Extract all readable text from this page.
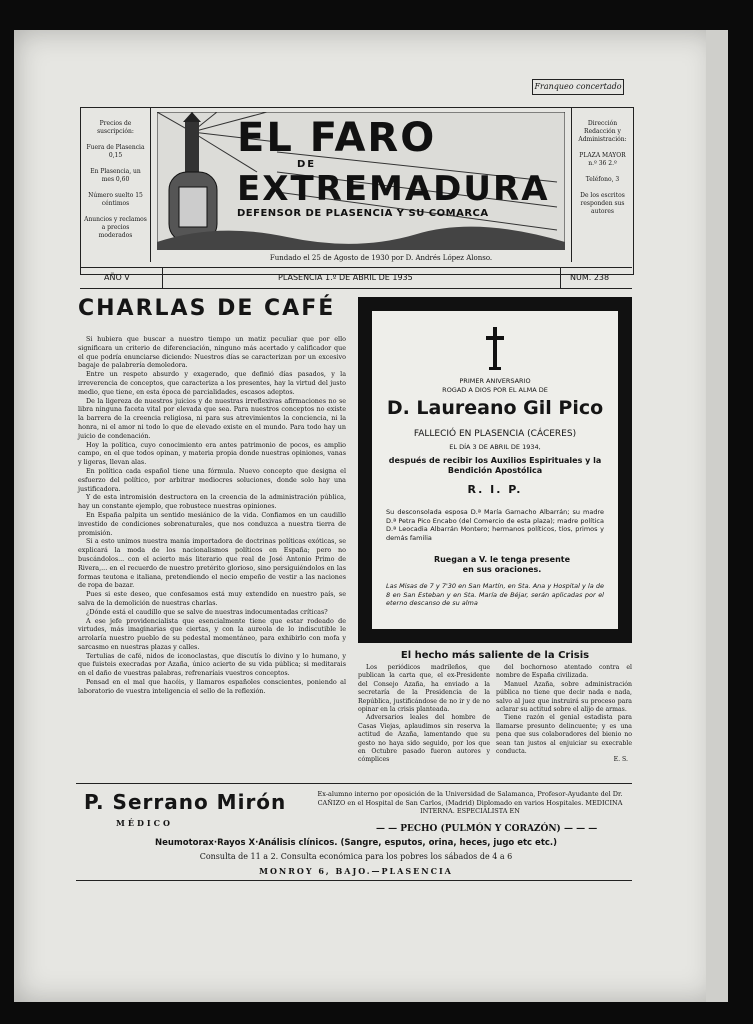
Franqueo concertado

Precios de suscripción:

Fuera de Plasencia 0,15

En Plasencia, un mes 0,60

Número suelto 15 céntimos

Anuncios y reclamos a precios moderados

EL FARO
DE
EXTREMADURA
DEFENSOR DE PLASENCIA Y SU COMARCA

Dirección Redacción y Administración:

PLAZA MAYOR n.º 36 2.º

Teléfono, 3

De los escritos responden sus autores

Fundado el 25 de Agosto de 1930 por D. Andrés López Alonso.
AÑO V	PLASENCIA 1.º DE ABRIL DE 1935	NUM. 238
CHARLAS DE CAFÉ

Si hubiera que buscar a nuestro tiempo un matiz peculiar que por ello significara un criterio de diferenciación, ninguno más acertado y calificador que el que podría enunciarse diciendo: Nuestros días se caracterizan por un excesivo bagaje de palabrería demoledora.

Entre un respeto absurdo y exagerado, que definió días pasados, y la irreverencia de conceptos, que caracteriza a los presentes, hay la virtud del justo medio, que tiene, en esta época de parcialidades, escasos adeptos.

De la ligereza de nuestros juicios y de nuestras irreflexivas afirmaciones no se libra ninguna faceta vital por elevada que sea. Para nuestros conceptos no existe la barrera de la creencia religiosa, ni para sus atrevimientos la conciencia, ni la honra, ni el amor ni todo lo que de elevado existe en el mundo. Para todo hay un juicio de condenación.

Hoy la política, cuyo conocimiento era antes patrimonio de pocos, es amplio campo, en el que todos opinan, y materia propia donde nuestras opiniones, vanas y ligeras, llevan alas.

En política cada español tiene una fórmula. Nuevo concepto que designa el esfuerzo del político, por arbitrar mediocres soluciones, donde solo hay una justificadora.

Y de esta intromisión destructora en la creencia de la administración pública, hay un constante ejemplo, que robustece nuestras opiniones.

En España palpita un sentido mesiánico de la vida. Confiamos en un caudillo investido de condiciones sobrenaturales, que nos conduzca a nuestra tierra de promisión.

Si a esto unimos nuestra manía importadora de doctrinas políticas exóticas, se explicará la moda de los nacionalismos políticos en España; pero no buscándolos... con el acierto más literario que real de José Antonio Primo de Rivera,... en el recuerdo de nuestro pretérito glorioso, sino persiguiéndolos en las formas teutona e italiana, pretendiendo el necio empeño de vestir a las naciones de ropa de bazar.

Pues si este deseo, que confesamos está muy extendido en nuestro país, se salva de la demolición de nuestras charlas.

¿Dónde está el caudillo que se salve de nuestras indocumentadas críticas?

A ese jefe providencialista que esencialmente tiene que estar rodeado de virtudes, más imaginarias que ciertas, y con la aureola de lo indiscutible le arrolaría nuestro pueblo de su pedestal momentáneo, para exhibirlo con mofa y sarcasmo en nuestras plazas y calles.

Tertulias de café, nidos de iconoclastas, que discutís lo divino y lo humano, y que fuisteis execradas por Azaña, único acierto de su vida pública; si meditarais en el daño de vuestras palabras, refrenaríais vuestros conceptos.

Pensad en el mal que hacéis, y llamaros españoles conscientes, poniendo al laboratorio de vuestra inteligencia el sello de la reflexión.

PRIMER ANIVERSARIO
ROGAD A DIOS POR EL ALMA DE
D. Laureano Gil Pico
FALLECIÓ EN PLASENCIA (CÁCERES)
EL DÍA 3 DE ABRIL DE 1934,
después de recibir los Auxilios Espirituales y la Bendición Apostólica
R. I. P.
Su desconsolada esposa D.ª María Garnacho Albarrán; su madre D.ª Petra Pico Encabo (del Comercio de esta plaza); madre política D.ª Leocadia Albarrán Montero; hermanos políticos, tíos, primos y demás familia
Ruegan a V. le tenga presente en sus oraciones.
Las Misas de 7 y 7'30 en San Martín, en Sta. Ana y Hospital y la de 8 en San Esteban y en Sta. María de Béjar, serán aplicadas por el eterno descanso de su alma
El hecho más saliente de la Crisis

Los periódicos madrileños, que publican la carta que, el ex-Presidente del Consejo Azaña, ha enviado a la secretaría de la Presidencia de la República, justificándose de no ir y de no opinar en la crisis planteada.

Adversarios leales del hombre de Casas Viejas, aplaudimos sin reserva la actitud de Azaña, lamentando que su gesto no haya sido seguido, por los que en Octubre pasado fueron autores y cómplices

del bochornoso atentado contra el nombre de España civilizada.

Manuel Azaña, sobre administración pública no tiene que decir nada e nada, salvo al juez que instruirá su proceso para aclarar su actitud sobre el alijo de armas.

Tiene razón el genial estadista para llamarse presunto delincuente; y es una pena que sus colaboradores del bienio no sean tan justos al enjuiciar su execrable conducta.

E. S.
P. Serrano Mirón
MÉDICO
Ex-alumno interno por oposición de la Universidad de Salamanca, Profesor-Ayudante del Dr. CAÑIZO en el Hospital de San Carlos, (Madrid) Diplomado en varios Hospitales. MEDICINA INTERNA. ESPECIALISTA EN
— — PECHO (PULMÓN Y CORAZÓN) — — —
Neumotorax·Rayos X·Análisis clínicos. (Sangre, esputos, orina, heces, jugo etc etc.)
Consulta de 11 a 2. Consulta económica para los pobres los sábados de 4 a 6
MONROY 6, BAJO.—PLASENCIA
